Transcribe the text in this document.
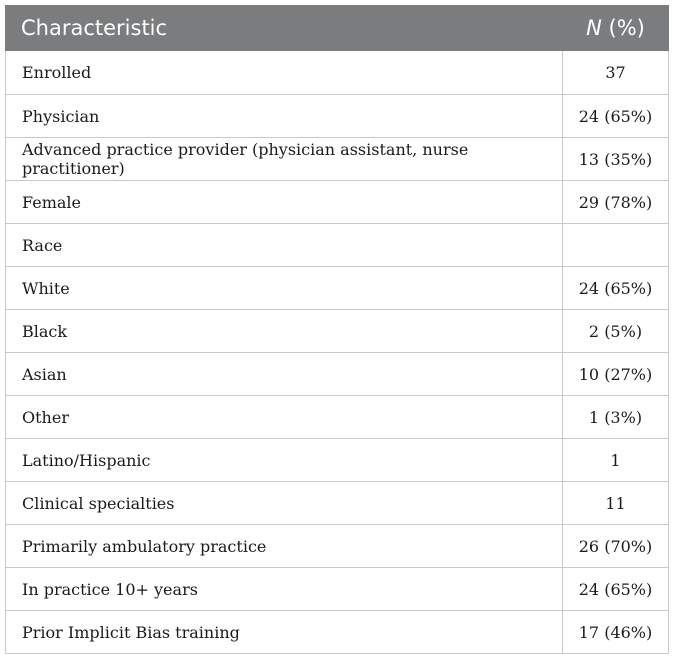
Characteristic	N (%)
Enrolled	37
Physician	24 (65%)
Advanced practice provider (physician assistant, nurse practitioner)	13 (35%)
Female	29 (78%)
Race	
White	24 (65%)
Black	2 (5%)
Asian	10 (27%)
Other	1 (3%)
Latino/Hispanic	1
Clinical specialties	11
Primarily ambulatory practice	26 (70%)
In practice 10+ years	24 (65%)
Prior Implicit Bias training	17 (46%)
